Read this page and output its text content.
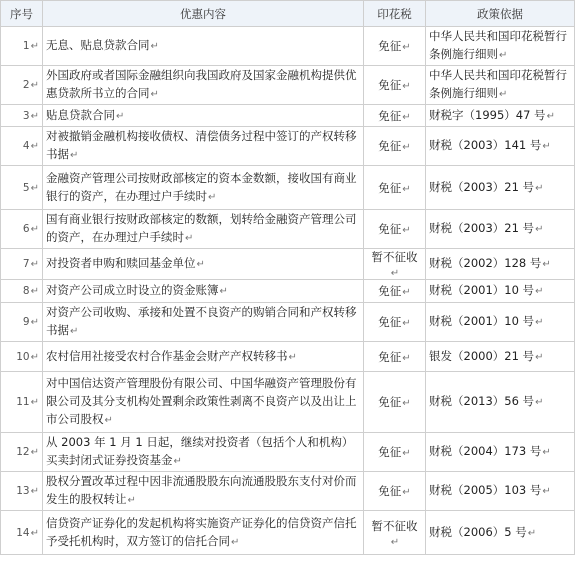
序号	优惠内容	印花税	政策依据
1↵	无息、贴息贷款合同↵	免征↵	中华人民共和国印花税暂行条例施行细则↵
2↵	外国政府或者国际金融组织向我国政府及国家金融机构提供优惠贷款所书立的合同↵	免征↵	中华人民共和国印花税暂行条例施行细则↵
3↵	贴息贷款合同↵	免征↵	财税字（1995）47 号↵
4↵	对被撤销金融机构接收债权、清偿债务过程中签订的产权转移书据↵	免征↵	财税（2003）141 号↵
5↵	金融资产管理公司按财政部核定的资本金数额，接收国有商业银行的资产，在办理过户手续时↵	免征↵	财税（2003）21 号↵
6↵	国有商业银行按财政部核定的数额，划转给金融资产管理公司的资产，在办理过户手续时↵	免征↵	财税（2003）21 号↵
7↵	对投资者申购和赎回基金单位↵	暂不征收↵	财税（2002）128 号↵
8↵	对资产公司成立时设立的资金账簿↵	免征↵	财税（2001）10 号↵
9↵	对资产公司收购、承接和处置不良资产的购销合同和产权转移书据↵	免征↵	财税（2001）10 号↵
10↵	农村信用社接受农村合作基金会财产产权转移书↵	免征↵	银发（2000）21 号↵
11↵	对中国信达资产管理股份有限公司、中国华融资产管理股份有限公司及其分支机构处置剩余政策性剥离不良资产以及出让上市公司股权↵	免征↵	财税（2013）56 号↵
12↵	从 2003 年 1 月 1 日起，继续对投资者（包括个人和机构）买卖封闭式证券投资基金↵	免征↵	财税（2004）173 号↵
13↵	股权分置改革过程中因非流通股股东向流通股股东支付对价而发生的股权转让↵	免征↵	财税（2005）103 号↵
14↵	信贷资产证券化的发起机构将实施资产证券化的信贷资产信托予受托机构时，双方签订的信托合同↵	暂不征收↵	财税（2006）5 号↵
